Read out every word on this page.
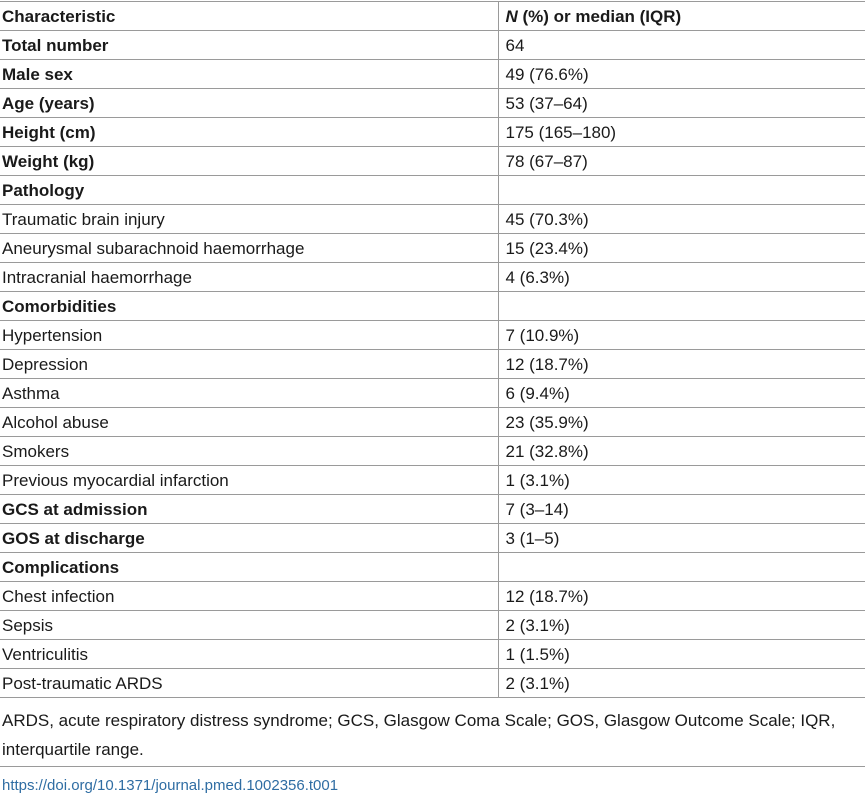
Characteristic	N (%) or median (IQR)
Total number	64
Male sex	49 (76.6%)
Age (years)	53 (37–64)
Height (cm)	175 (165–180)
Weight (kg)	78 (67–87)
Pathology	
Traumatic brain injury	45 (70.3%)
Aneurysmal subarachnoid haemorrhage	15 (23.4%)
Intracranial haemorrhage	4 (6.3%)
Comorbidities	
Hypertension	7 (10.9%)
Depression	12 (18.7%)
Asthma	6 (9.4%)
Alcohol abuse	23 (35.9%)
Smokers	21 (32.8%)
Previous myocardial infarction	1 (3.1%)
GCS at admission	7 (3–14)
GOS at discharge	3 (1–5)
Complications	
Chest infection	12 (18.7%)
Sepsis	2 (3.1%)
Ventriculitis	1 (1.5%)
Post-traumatic ARDS	2 (3.1%)
ARDS, acute respiratory distress syndrome; GCS, Glasgow Coma Scale; GOS, Glasgow Outcome Scale; IQR, interquartile range.
https://doi.org/10.1371/journal.pmed.1002356.t001
